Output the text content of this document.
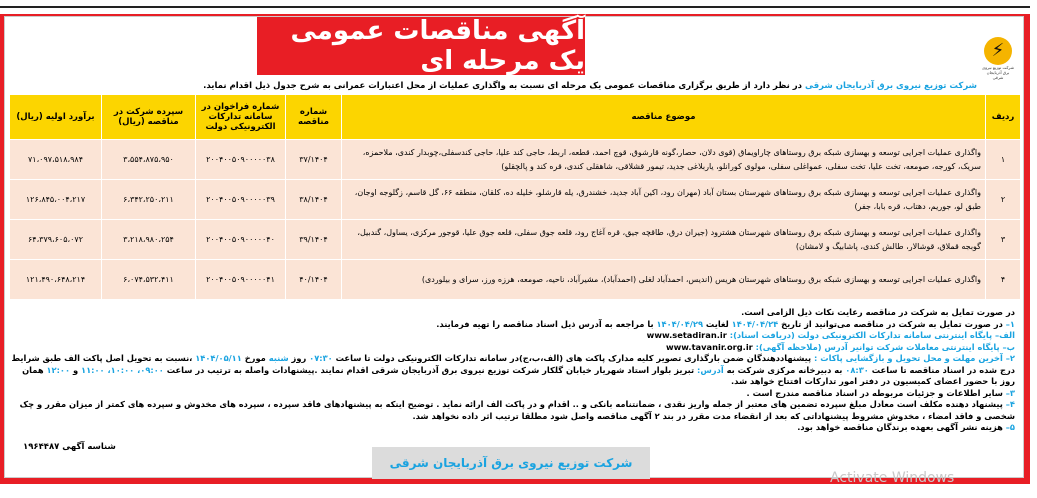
آگهی مناقصات عمومی یک مرحله ای	⚡
شرکت توزیع نیروی برق آذربایجان شرقی
شرکت توزیع نیروی برق آذربایجان شرقی در نظر دارد از طریق برگزاری مناقصات عمومی یک مرحله ای نسبت به واگذاری عملیات از محل اعتبارات عمرانی به شرح جدول ذیل اقدام نماید.
ردیف	موضوع مناقصه	شماره مناقصه	شماره فراخوان در سامانه تدارکات الکترونیکی دولت	سپرده شرکت در مناقصه (ریال)	برآورد اولیه (ریال)
۱	واگذاری عملیات اجرایی توسعه و بهسازی شبکه برق روستاهای چاراویماق (قوی دلان، حصار،گونه قارشوق، قوچ احمد، قطعه، اربط، حاجی کند علیا، حاجی کندسفلی،چوبدار کندی، ملاحمزه، سریک، کورجه، صومعه، تخت علیا، تخت سفلی، عمواغلی سفلی، مولوی کورانلو، یاربلاغی جدید، تیمور قشلاقی، شاهقلی کندی، قره کند و پالچقلو)	۳۷/۱۴۰۴	۲۰۰۴۰۰۵۰۹۰۰۰۰۰۳۸	۳،۵۵۴،۸۷۵،۹۵۰	۷۱،۰۹۷،۵۱۸،۹۸۴
۲	واگذاری عملیات اجرایی توسعه و بهسازی شبکه برق روستاهای شهرستان بستان آباد (مهران رود، اکین آباد جدید، خشندرق، یله قارشلو، خلیله ده، کلقان، منطقه ۶۶، گل قاسم، زگلوجه اوجان، طبق لو، جوریم، دهتاب، قره بابا، جفر)	۳۸/۱۴۰۴	۲۰۰۴۰۰۵۰۹۰۰۰۰۰۳۹	۶،۳۴۲،۲۵۰،۲۱۱	۱۲۶،۸۴۵،۰۰۴،۲۱۷
۳	واگذاری عملیات اجرایی توسعه و بهسازی شبکه برق روستاهای شهرستان هشترود (جیران درق، طاقچه جیق، قره آغاج رود، قلعه جوق سفلی، قلعه جوق علیا، قوجور مرکزی، یساول، گندبیل، گوبجه قملاق، قوشالار، طالش کندی، پاشابیگ و لامشان)	۳۹/۱۴۰۴	۲۰۰۴۰۰۵۰۹۰۰۰۰۰۴۰	۳،۲۱۸،۹۸۰،۲۵۴	۶۴،۳۷۹،۶۰۵،۰۷۲
۴	واگذاری عملیات اجرایی توسعه و بهسازی شبکه برق روستاهای شهرستان هریس (اندیس، احمدآباد لغلی (احمدآباد)، مشیرآباد، ناحیه، صومعه، هرزه ورز، سرای و بیلوردی)	۴۰/۱۴۰۴	۲۰۰۴۰۰۵۰۹۰۰۰۰۰۴۱	۶،۰۷۴،۵۳۲،۴۱۱	۱۲۱،۴۹۰،۶۴۸،۲۱۴
در صورت تمایل به شرکت در مناقصه رعایت نکات ذیل الزامی است.
۱– در صورت تمایل به شرکت در مناقصه می‌توانید از تاریخ ۱۴۰۴/۰۴/۲۴ لغایت ۱۴۰۴/۰۴/۲۹ با مراجعه به آدرس ذیل اسناد مناقصه را تهیه فرمایند.
الف– پایگاه اینترنتی سامانه تدارکات الکترونیکی دولت (دریافت اسناد): www.setadiran.ir
ب– پایگاه اینترنتی معاملات شرکت توانیر آدرس (ملاحظه آگهی): www.tavanir.org.ir
۲– آخرین مهلت و محل تحویل و بازگشایی پاکات : پیشنهاددهندگان ضمن بارگذاری تصویر کلیه مدارک پاکت های (الف،ب،ج)در سامانه تدارکات الکترونیکی دولت تا ساعت ۰۷:۳۰ روز شنبه مورخ ۱۴۰۴/۰۵/۱۱ ،نسبت به تحویل اصل پاکت الف طبق شرایط درج شده در اسناد مناقصه تا ساعت ۰۸:۳۰ به دبیرخانه مرکزی شرکت به آدرس: تبریز بلوار استاد شهریار خیابان گلکار شرکت توزیع نیروی برق آذربایجان شرقی اقدام نمایند .پیشنهادات واصله به ترتیب در ساعت ۰۹:۰۰، ۱۰:۰۰، ۱۱:۰۰ و ۱۲:۰۰ همان روز با حضور اعضای کمیسیون در دفتر امور تدارکات افتتاح خواهد شد.
۳– سایر اطلاعات و جزئیات مربوطه در اسناد مناقصه مندرج است .
۴– پیشنهاد دهنده مکلف است معادل مبلغ سپرده تضمین های معتبر از جمله واریز نقدی ، ضمانتنامه بانکی و .. اقدام و در پاکت الف ارائه نماید . توضیح اینکه به پیشنهادهای فاقد سپرده ، سپرده های مخدوش و سپرده های کمتر از میزان مقرر و چک شخصی و فاقد امضاء ، مخدوش مشروط پیشنهاداتی که بعد از انقضاء مدت مقرر در بند ۲ آگهی مناقصه واصل شود مطلقا ترتیب اثر داده نخواهد شد.
۵– هزینه نشر آگهی بعهده برندگان مناقصه خواهد بود.
شناسه آگهی ۱۹۶۴۴۸۷
شرکت توزیع نیروی برق آذربایجان شرقی
Activate Windows
